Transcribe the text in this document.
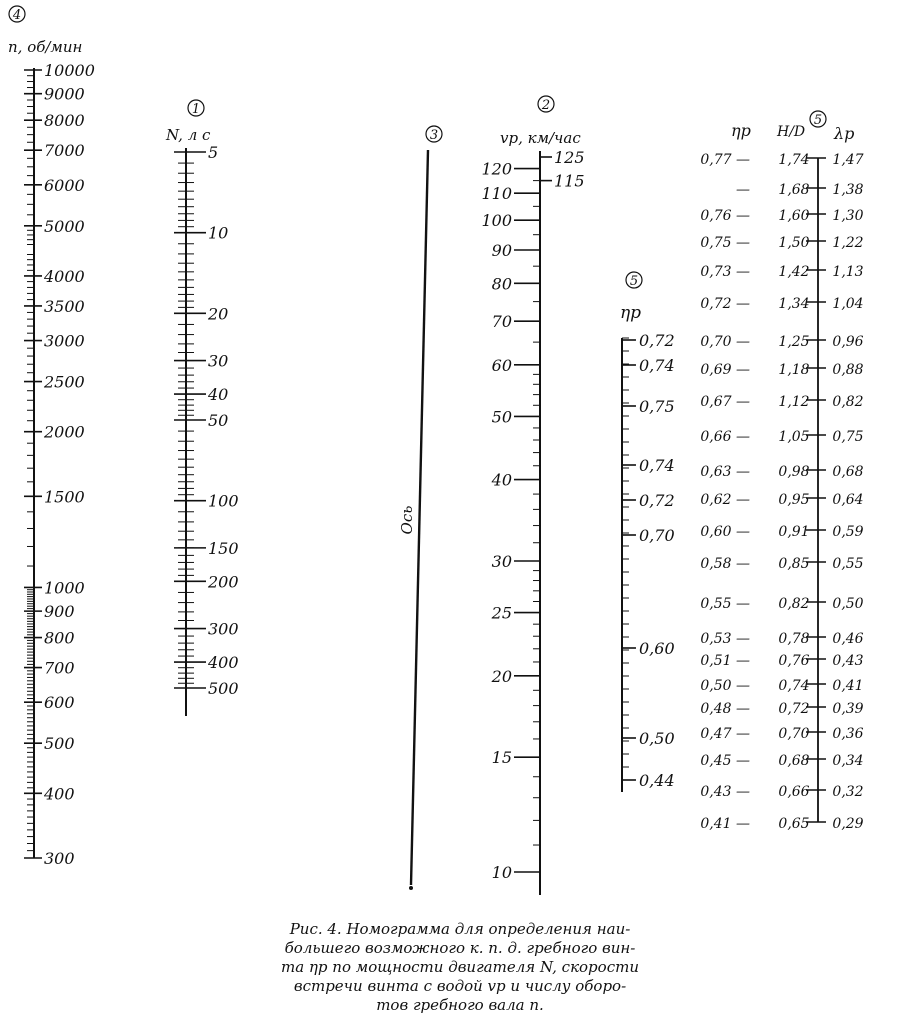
4
n, об/мин
10000
9000
8000
7000
6000
5000
4000
3500
3000
2500
2000
1500
1000
900
800
700
600
500
400
300
1
N, л с
5
10
20
30
40
50
100
150
200
300
400
500
3
Ось
2
vp, км/час
120
110
100
90
80
70
60
50
40
30
25
20
15
10
125
115
5
ηp
0,72
0,74
0,75
0,74
0,72
0,70
0,60
0,50
0,44
5
ηp H/D λp
1,47
1,74
0,77 —
1,38
1,68
—
1,30
1,60
0,76 —
1,22
1,50
0,75 —
1,13
1,42
0,73 —
1,04
1,34
0,72 —
0,96
1,25
0,70 —
0,88
1,18
0,69 —
0,82
1,12
0,67 —
0,75
1,05
0,66 —
0,68
0,98
0,63 —
0,64
0,95
0,62 —
0,59
0,91
0,60 —
0,55
0,85
0,58 —
0,50
0,82
0,55 —
0,46
0,78
0,53 —
0,43
0,76
0,51 —
0,41
0,74
0,50 —
0,39
0,72
0,48 —
0,36
0,70
0,47 —
0,34
0,68
0,45 —
0,32
0,66
0,43 —
0,29
0,65
0,41 —
Рис. 4. Номограмма для определения наи-
большего возможного к. п. д. гребного вин-
та ηp по мощности двигателя N, скорости
встречи винта с водой vp и числу оборо-
тов гребного вала n.
